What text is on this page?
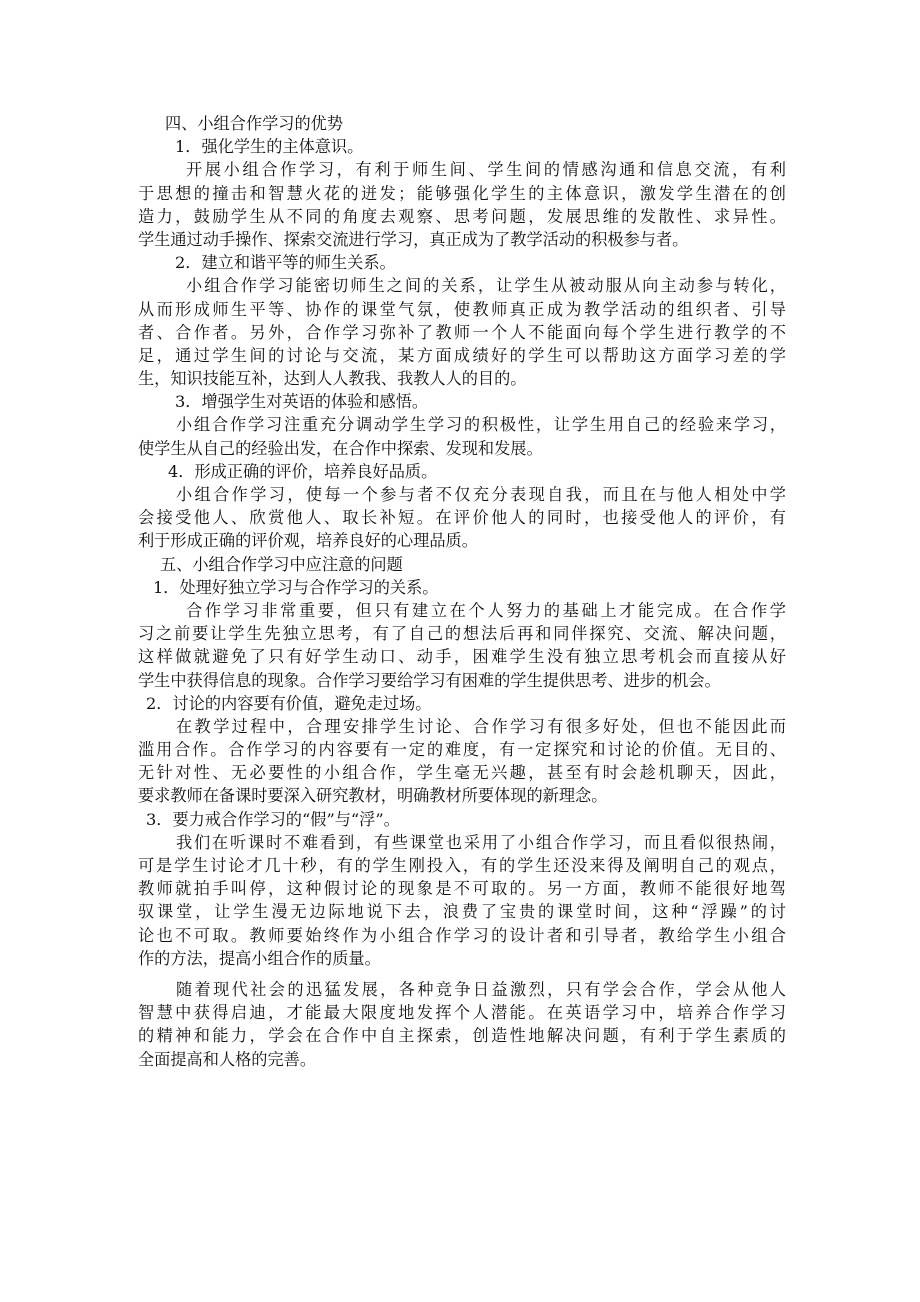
四、小组合作学习的优势
1．强化学生的主体意识。
开展小组合作学习，有利于师生间、学生间的情感沟通和信息交流，有利
于思想的撞击和智慧火花的迸发；能够强化学生的主体意识，激发学生潜在的创
造力，鼓励学生从不同的角度去观察、思考问题，发展思维的发散性、求异性。
学生通过动手操作、探索交流进行学习，真正成为了教学活动的积极参与者。
2．建立和谐平等的师生关系。
小组合作学习能密切师生之间的关系，让学生从被动服从向主动参与转化，
从而形成师生平等、协作的课堂气氛，使教师真正成为教学活动的组织者、引导
者、合作者。另外，合作学习弥补了教师一个人不能面向每个学生进行教学的不
足，通过学生间的讨论与交流，某方面成绩好的学生可以帮助这方面学习差的学
生，知识技能互补，达到人人教我、我教人人的目的。
3．增强学生对英语的体验和感悟。
小组合作学习注重充分调动学生学习的积极性，让学生用自己的经验来学习，
使学生从自己的经验出发，在合作中探索、发现和发展。
4．形成正确的评价，培养良好品质。
小组合作学习，使每一个参与者不仅充分表现自我，而且在与他人相处中学
会接受他人、欣赏他人、取长补短。在评价他人的同时，也接受他人的评价，有
利于形成正确的评价观，培养良好的心理品质。
五、小组合作学习中应注意的问题
1．处理好独立学习与合作学习的关系。
合作学习非常重要，但只有建立在个人努力的基础上才能完成。在合作学
习之前要让学生先独立思考，有了自己的想法后再和同伴探究、交流、解决问题，
这样做就避免了只有好学生动口、动手，困难学生没有独立思考机会而直接从好
学生中获得信息的现象。合作学习要给学习有困难的学生提供思考、进步的机会。
2．讨论的内容要有价值，避免走过场。
在教学过程中，合理安排学生讨论、合作学习有很多好处，但也不能因此而
滥用合作。合作学习的内容要有一定的难度，有一定探究和讨论的价值。无目的、
无针对性、无必要性的小组合作，学生毫无兴趣，甚至有时会趁机聊天，因此，
要求教师在备课时要深入研究教材，明确教材所要体现的新理念。
3．要力戒合作学习的“假”与“浮”。
我们在听课时不难看到，有些课堂也采用了小组合作学习，而且看似很热闹，
可是学生讨论才几十秒，有的学生刚投入，有的学生还没来得及阐明自己的观点，
教师就拍手叫停，这种假讨论的现象是不可取的。另一方面，教师不能很好地驾
驭课堂，让学生漫无边际地说下去，浪费了宝贵的课堂时间，这种“浮躁”的讨
论也不可取。教师要始终作为小组合作学习的设计者和引导者，教给学生小组合
作的方法，提高小组合作的质量。
随着现代社会的迅猛发展，各种竞争日益激烈，只有学会合作，学会从他人
智慧中获得启迪，才能最大限度地发挥个人潜能。在英语学习中，培养合作学习
的精神和能力，学会在合作中自主探索，创造性地解决问题，有利于学生素质的
全面提高和人格的完善。
